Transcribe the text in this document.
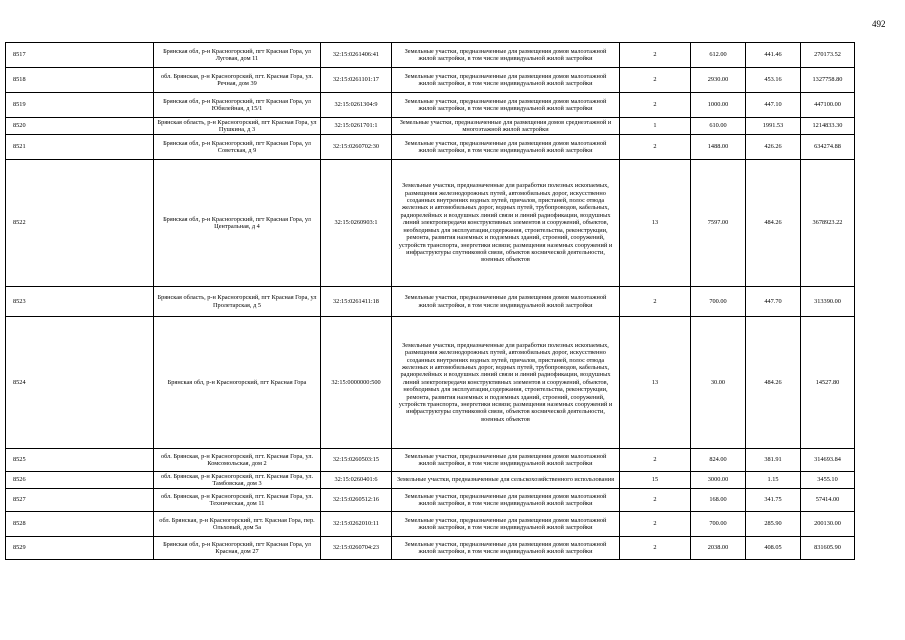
492
8517	Брянская обл, р-н Красногорский, пгт Красная Гора, ул Луговая, дом 11	32:15:0261406:41	Земельные участки, предназначенные для размещения домов малоэтажной жилой застройки, в том числе индивидуальной жилой застройки	2	612.00	441.46	270173.52
8518	обл. Брянская, р-н Красногорский, пгт. Красная Гора, ул. Речная, дом 39	32:15:0261101:17	Земельные участки, предназначенные для размещения домов малоэтажной жилой застройки, в том числе индивидуальной жилой застройки	2	2930.00	453.16	1327758.80
8519	Брянская обл, р-н Красногорский, пгт Красная Гора, ул Юбилейная, д 15/1	32:15:0261304:9	Земельные участки, предназначенные для размещения домов малоэтажной жилой застройки, в том числе индивидуальной жилой застройки	2	1000.00	447.10	447100.00
8520	Брянская область, р-н Красногорский, пгт Красная Гора, ул Пушкина, д 3	32:15:0261701:1	Земельные участки, предназначенные для размещения домов среднеэтажной и многоэтажной жилой застройки	1	610.00	1991.53	1214833.30
8521	Брянская обл, р-н Красногорский, пгт Красная Гора, ул Советская, д 9	32:15:0260702:30	Земельные участки, предназначенные для размещения домов малоэтажной жилой застройки, в том числе индивидуальной жилой застройки	2	1488.00	426.26	634274.88
8522	Брянская обл, р-н Красногорский, пгт Красная Гора, ул Центральная, д 4	32:15:0260903:1	Земельные участки, предназначенные для разработки полезных ископаемых, размещения железнодорожных путей, автомобильных дорог, искусственно созданных внутренних водных путей, причалов, пристаней, полос отвода железных и автомобильных дорог, водных путей, трубопроводов, кабельных, радиорелейных и воздушных линий связи и линий радиофикации, воздушных линий электропередачи конструктивных элементов и сооружений, объектов, необходимых для эксплуатации,содержания, строительства, реконструкции, ремонта, развития наземных и подземных зданий, строений, сооружений, устройств транспорта, энергетики исвязи; размещения наземных сооружений и инфраструктуры спутниковой связи, объектов космической деятельности, военных объектов	13	7597.00	484.26	3678923.22
8523	Брянская область, р-н Красногорский, пгт Красная Гора, ул Пролетарская, д 5	32:15:0261411:18	Земельные участки, предназначенные для размещения домов малоэтажной жилой застройки, в том числе индивидуальной жилой застройки	2	700.00	447.70	313390.00
8524	Брянская обл, р-н Красногорский, пгт Красная Гора	32:15:0000000:500	Земельные участки, предназначенные для разработки полезных ископаемых, размещения железнодорожных путей, автомобильных дорог, искусственно созданных внутренних водных путей, причалов, пристаней, полос отвода железных и автомобильных дорог, водных путей, трубопроводов, кабельных, радиорелейных и воздушных линий связи и линий радиофикации, воздушных линий электропередачи конструктивных элементов и сооружений, объектов, необходимых для эксплуатации,содержания, строительства, реконструкции, ремонта, развития наземных и подземных зданий, строений, сооружений, устройств транспорта, энергетики исвязи; размещения наземных сооружений и инфраструктуры спутниковой связи, объектов космической деятельности, военных объектов	13	30.00	484.26	14527.80
8525	обл. Брянская, р-н Красногорский, пгт. Красная Гора, ул. Комсомольская, дом 2	32:15:0260503:15	Земельные участки, предназначенные для размещения домов малоэтажной жилой застройки, в том числе индивидуальной жилой застройки	2	824.00	381.91	314693.84
8526	обл. Брянская, р-н Красногорский, пгт. Красная Гора, ул. Тамбовская, дом 3	32:15:0260401:6	Земельные участки, предназначенные для сельскохозяйственного использования	15	3000.00	1.15	3455.10
8527	обл. Брянская, р-н Красногорский, пгт. Красная Гора, ул. Техническая, дом 11	32:15:0260512:16	Земельные участки, предназначенные для размещения домов малоэтажной жилой застройки, в том числе индивидуальной жилой застройки	2	168.00	341.75	57414.00
8528	обл. Брянская, р-н Красногорский, пгт. Красная Гора, пер. Ольховый, дом 5а	32:15:0262010:11	Земельные участки, предназначенные для размещения домов малоэтажной жилой застройки, в том числе индивидуальной жилой застройки	2	700.00	285.90	200130.00
8529	Брянская обл, р-н Красногорский, пгт Красная Гора, ул Красная, дом 27	32:15:0260704:23	Земельные участки, предназначенные для размещения домов малоэтажной жилой застройки, в том числе индивидуальной жилой застройки	2	2038.00	408.05	831605.90
